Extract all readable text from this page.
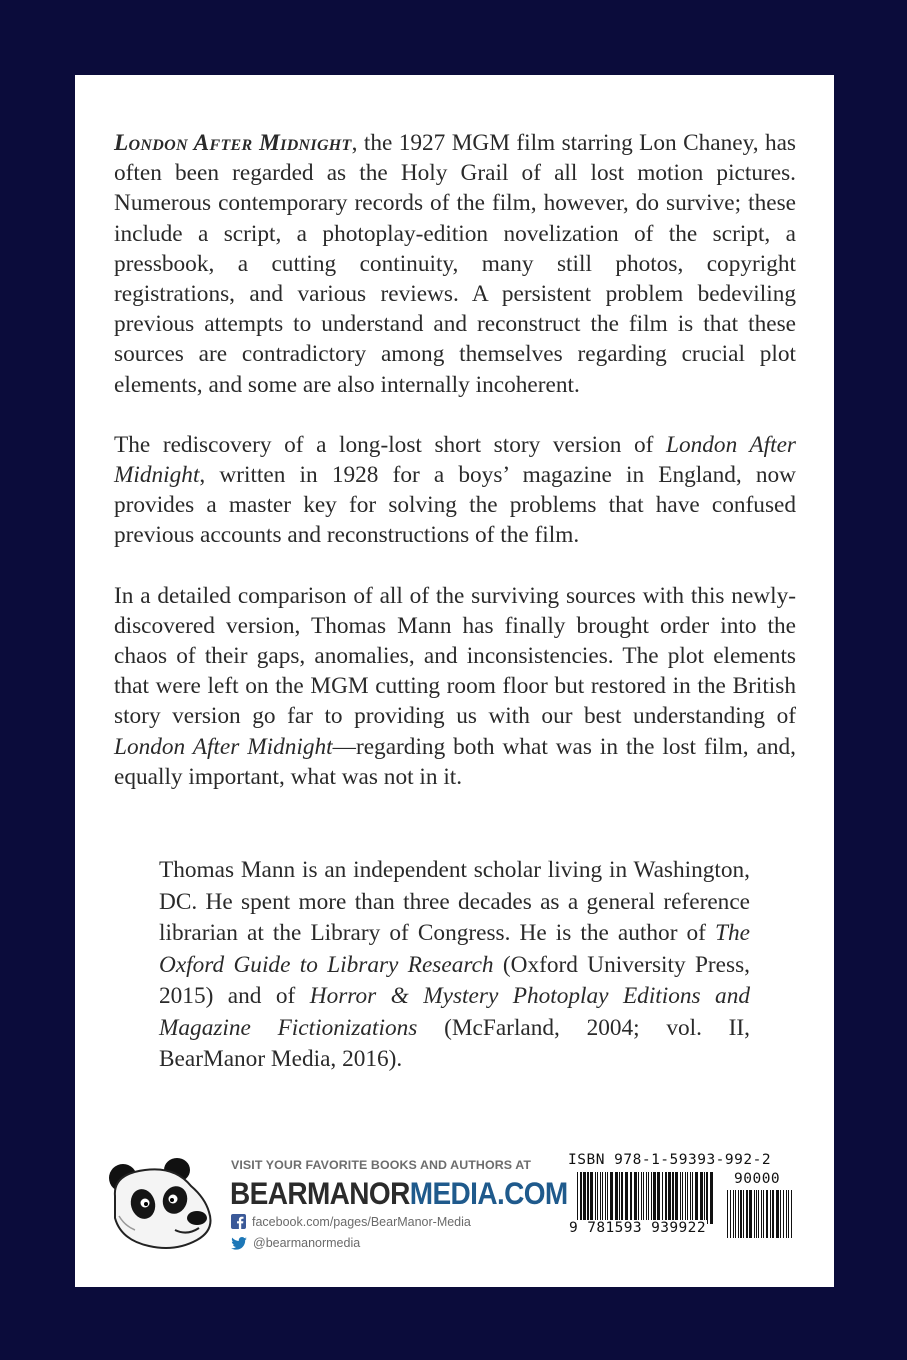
London After Midnight, the 1927 MGM film starring Lon Chaney, has often been regarded as the Holy Grail of all lost motion pictures. Numerous contemporary records of the film, however, do survive; these include a script, a photoplay-edition novelization of the script, a pressbook, a cutting continuity, many still photos, copyright registrations, and various reviews. A persistent problem bedeviling previous attempts to understand and reconstruct the film is that these sources are contradictory among themselves regarding crucial plot elements, and some are also internally incoherent.

The rediscovery of a long-lost short story version of London After Midnight, written in 1928 for a boys’ magazine in England, now provides a master key for solving the problems that have confused previous accounts and reconstructions of the film.

In a detailed comparison of all of the surviving sources with this newly-discovered version, Thomas Mann has finally brought order into the chaos of their gaps, anomalies, and inconsistencies. The plot elements that were left on the MGM cutting room floor but restored in the British story version go far to providing us with our best understanding of London After Midnight—regarding both what was in the lost film, and, equally important, what was not in it.

Thomas Mann is an independent scholar living in Washington, DC. He spent more than three decades as a general reference librarian at the Library of Congress. He is the author of The Oxford Guide to Library Research (Oxford University Press, 2015) and of Horror & Mystery Photoplay Editions and Magazine Fictionizations (McFarland, 2004; vol. II, BearManor Media, 2016).

VISIT YOUR FAVORITE BOOKS AND AUTHORS AT
BEARMANORMEDIA.COM
facebook.com/pages/BearManor-Media
@bearmanormedia
ISBN 978-1-59393-992-2
90000
9 781593 939922
